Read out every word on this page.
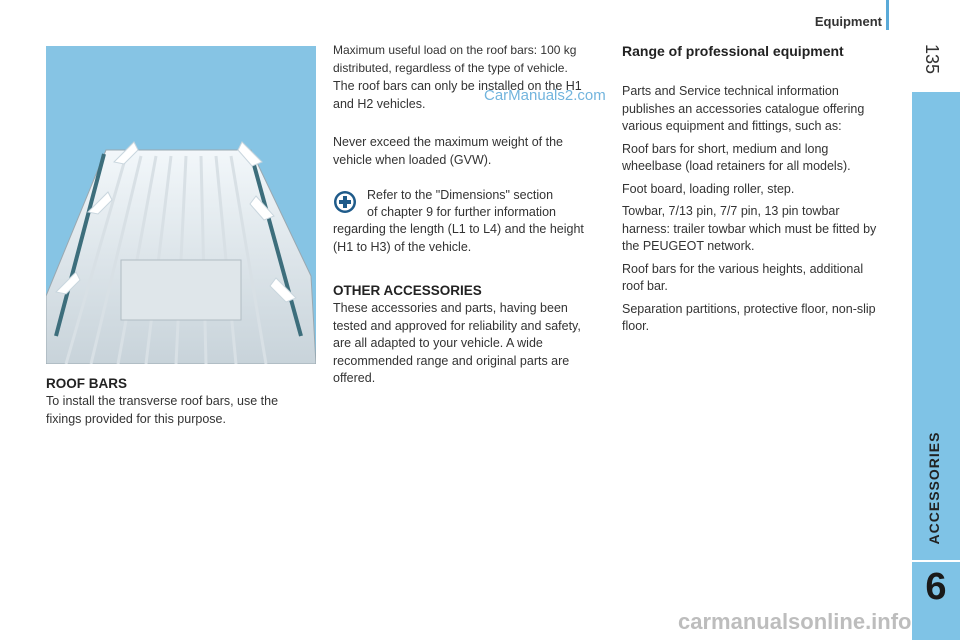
Equipment
135
ACCESSORIES
6
ROOF BARS
To install the transverse roof bars, use the fixings provided for this purpose.
Maximum useful load on the roof bars: 100 kg distributed, regardless of the type of vehicle.
The roof bars can only be installed on the H1 and H2 vehicles.
Never exceed the maximum weight of the vehicle when loaded (GVW).
Refer to the "Dimensions" section
of chapter 9 for further information
regarding the length (L1 to L4) and the height (H1 to H3) of the vehicle.
OTHER ACCESSORIES
These accessories and parts, having been tested and approved for reliability and safety, are all adapted to your vehicle. A wide recommended range and original parts are offered.
Range of professional equipment

Parts and Service technical information publishes an accessories catalogue offering various equipment and fittings, such as:

Roof bars for short, medium and long wheelbase (load retainers for all models).

Foot board, loading roller, step.

Towbar, 7/13 pin, 7/7 pin, 13 pin towbar harness: trailer towbar which must be fitted by the PEUGEOT network.

Roof bars for the various heights, additional roof bar.

Separation partitions, protective floor, non-slip floor.

CarManuals2.com
carmanualsonline.info
